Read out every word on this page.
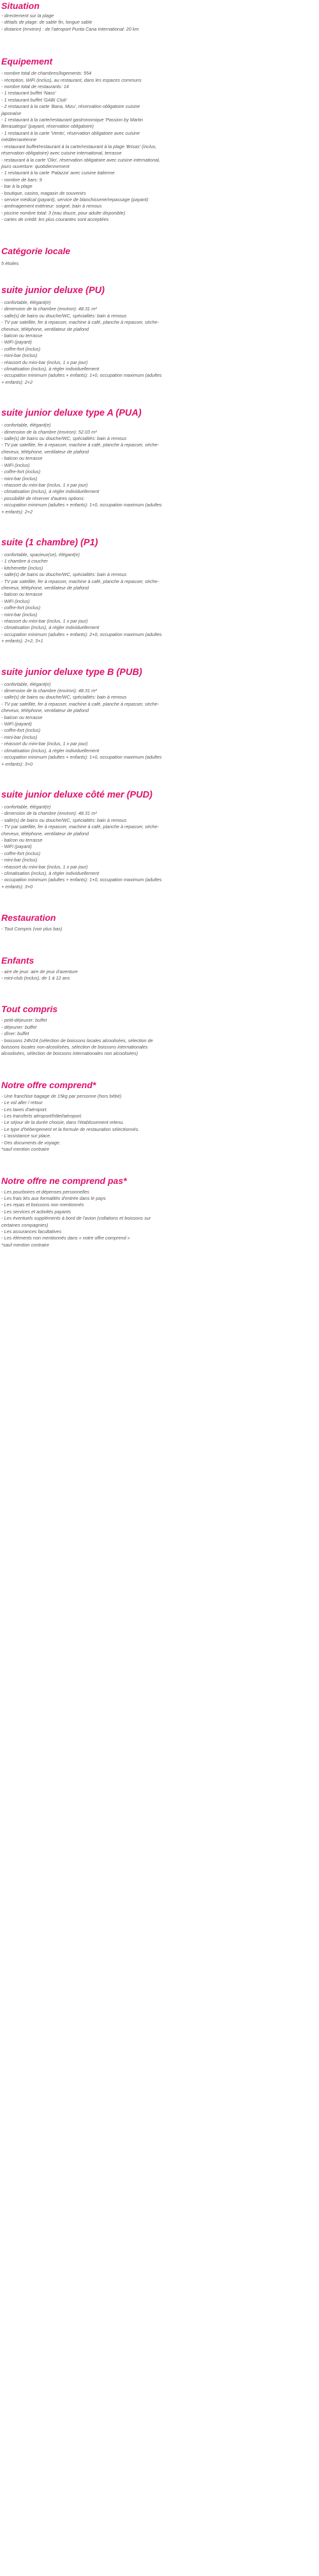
Situation
- directement sur la plage
- détails de plage: de sable fin, longue sable
- distance (environ) : de l'aéroport Punta Cana International: 20 km
Equipement
- nombre total de chambres/logements: 554
- réception, WiFi (inclus), au restaurant, dans les espaces communs
- nombre total de restaurants: 14
- 1 restaurant buffet 'Naos'
- 1 restaurant buffet 'GABI Club'
- 2 restaurant à la carte 'Bana, Mizu', réservation obligatoire cuisine
japonaise
- 1 restaurant à la carte/restaurant gastronomique 'Passion by Martin
Berasategui' (payant, réservation obligatoire)
- 1 restaurant à la carte 'Vento', réservation obligatoire avec cuisine
méditerranéenne
- restaurant buffet/restaurant à la carte/restaurant à la plage 'Brisas' (inclus,
réservation obligatoire) avec cuisine international, terrasse
- restaurant à la carte 'Olio', réservation obligatoire avec cuisine international,
jours ouverture: quotidiennement
- 1 restaurant à la carte 'Palazza' avec cuisine italienne
- nombre de bars: 9
- bar à la plage
- boutique, casino, magasin de souvenirs
- service médical (payant), service de blanchisserie/repassage (payant)
- aménagement extérieur: soigné, bain à remous
- piscine nombre total: 3 (eau douce, pour adulte disponible)
- cartes de crédit: les plus courantes sont acceptées
Catégorie locale
5 étoiles
suite junior deluxe (PU)
- confortable, élégant(e)
- dimension de la chambre (environ): 48.31 m²
- salle(s) de bains ou douche/WC, spécialités: bain à remous
- TV par satellite, fer à repasser, machine à café, planche à repasser, sèche-
cheveux, téléphone, ventilateur de plafond
- balcon ou terrasse
- WiFi (payant)
- coffre-fort (inclus)
- mini-bar (inclus)
- réassort du mini-bar (inclus, 1 x par jour)
- climatisation (inclus), à régler individuellement
- occupation minimum (adultes + enfants): 1+0, occupation maximum (adultes
+ enfants): 2+2
suite junior deluxe type A (PUA)
- confortable, élégant(e)
- dimension de la chambre (environ): 52.03 m²
- salle(s) de bains ou douche/WC, spécialités: bain à remous
- TV par satellite, fer à repasser, machine à café, planche à repasser, sèche-
cheveux, téléphone, ventilateur de plafond
- balcon ou terrasse
- WiFi (inclus)
- coffre-fort (inclus)
- mini-bar (inclus)
- réassort du mini-bar (inclus, 1 x par jour)
- climatisation (inclus), à régler individuellement
- possibilité de réserver d'autres options:
- occupation minimum (adultes + enfants): 1+0, occupation maximum (adultes
+ enfants): 2+2
suite (1 chambre) (P1)
- confortable, spacieux(se), élégant(e)
- 1 chambre à coucher
- kitchenette (inclus)
- salle(s) de bains ou douche/WC, spécialités: bain à remous
- TV par satellite, fer à repasser, machine à café, planche à repasser, sèche-
cheveux, téléphone, ventilateur de plafond
- balcon ou terrasse
- WiFi (inclus)
- coffre-fort (inclus)
- mini-bar (inclus)
- réassort du mini-bar (inclus, 1 x par jour)
- climatisation (inclus), à régler individuellement
- occupation minimum (adultes + enfants): 2+0, occupation maximum (adultes
+ enfants): 2+2, 3+1
suite junior deluxe type B (PUB)
- confortable, élégant(e)
- dimension de la chambre (environ): 48.31 m²
- salle(s) de bains ou douche/WC, spécialités: bain à remous
- TV par satellite, fer à repasser, machine à café, planche à repasser, sèche-
cheveux, téléphone, ventilateur de plafond
- balcon ou terrasse
- WiFi (payant)
- coffre-fort (inclus)
- mini-bar (inclus)
- réassort du mini-bar (inclus, 1 x par jour)
- climatisation (inclus), à régler individuellement
- occupation minimum (adultes + enfants): 1+0, occupation maximum (adultes
+ enfants): 3+0
suite junior deluxe côté mer (PUD)
- confortable, élégant(e)
- dimension de la chambre (environ): 48.31 m²
- salle(s) de bains ou douche/WC, spécialités: bain à remous
- TV par satellite, fer à repasser, machine à café, planche à repasser, sèche-
cheveux, téléphone, ventilateur de plafond
- balcon ou terrasse
- WiFi (payant)
- coffre-fort (inclus)
- mini-bar (inclus)
- réassort du mini-bar (inclus, 1 x par jour)
- climatisation (inclus), à régler individuellement
- occupation minimum (adultes + enfants): 1+0, occupation maximum (adultes
+ enfants): 3+0
Restauration
- Tout Compris (voir plus bas)
Enfants
- aire de jeux: aire de jeux d'aventure
- mini-club (inclus), de 1 à 12 ans
Tout compris
- petit-déjeuner: buffet
- déjeuner: buffet
- dîner: buffet
- boissons 24h/24 (sélection de boissons locales alcoolisées, sélection de
boissons locales non-alcoolisées, sélection de boissons internationales
alcoolisées, sélection de boissons internationales non alcoolisées)
Notre offre comprend*
- Une franchise bagage de 15kg par personne (hors bébé)
- Le vol aller / retour
- Les taxes d'aéroport.
- Les transferts aéroport/hôtel/aéroport.
- Le séjour de la durée choisie, dans l'établissement retenu.
- Le type d'hébergement et la formule de restauration sélectionnés.
- L'assistance sur place.
- Des documents de voyage.
*sauf mention contraire
Notre offre ne comprend pas*
- Les pourboires et dépenses personnelles
- Les frais liés aux formalités d'entrée dans le pays
- Les repas et boissons non mentionnés
- Les services et activités payants
- Les éventuels suppléments à bord de l'avion (collations et boissons sur
certaines compagnies)
- Les assurances facultatives
- Les éléments non mentionnés dans « notre offre comprend »
*sauf mention contraire
